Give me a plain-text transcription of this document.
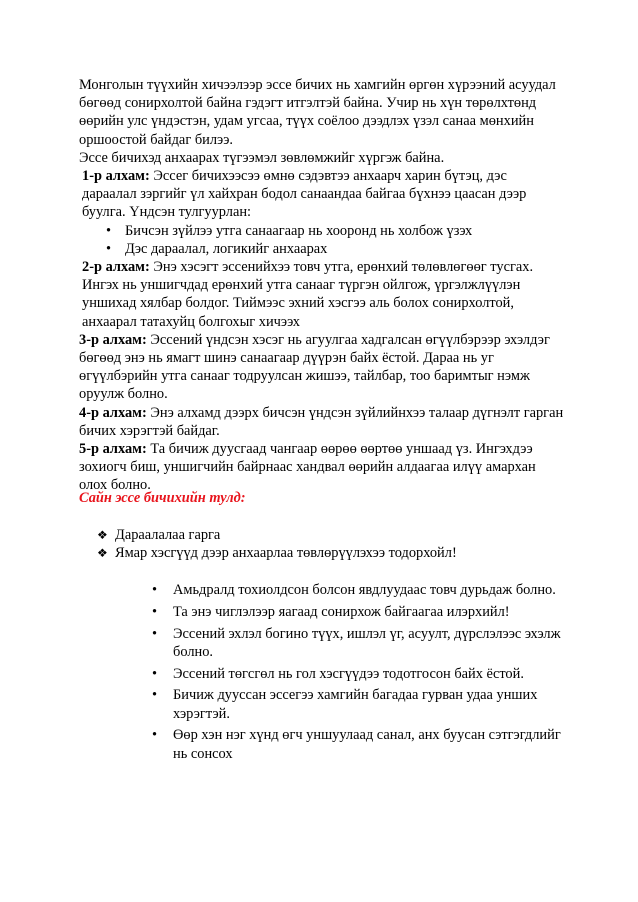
Монголын түүхийн хичээлээр эссе бичих нь хамгийн өргөн хүрээний асуудал бөгөөд сонирхолтой байна гэдэгт итгэлтэй байна. Учир нь хүн төрөлхтөнд өөрийн улс үндэстэн, удам угсаа, түүх соёлоо дээдлэх үзэл санаа мөнхийн оршоостой байдаг билээ.

Эссе бичихэд анхаарах түгээмэл зөвлөмжийг хүргэж байна.

1-р алхам: Эссег бичихээсээ өмнө сэдэвтээ анхаарч харин бүтэц, дэс дараалал зэргийг үл хайхран бодол санаандаа байгаа бүхнээ цаасан дээр буулга. Үндсэн тулгуурлан:

• Бичсэн зүйлээ утга санаагаар нь хооронд нь холбож үзэх
• Дэс дараалал, логикийг анхаарах

2-р алхам: Энэ хэсэгт эссенийхээ товч утга, ерөнхий төлөвлөгөөг тусгах. Ингэх нь уншигчдад ерөнхий утга санааг түргэн ойлгож, үргэлжлүүлэн уншихад хялбар болдог. Тиймээс эхний хэсгээ аль болох сонирхолтой, анхаарал татахуйц болгохыг хичээх

3-р алхам: Эссений үндсэн хэсэг нь агуулгаа хадгалсан өгүүлбэрээр эхэлдэг бөгөөд энэ нь ямагт шинэ санаагаар дүүрэн байх ёстой. Дараа нь уг өгүүлбэрийн утга санааг тодруулсан жишээ, тайлбар, тоо баримтыг нэмж оруулж болно.

4-р алхам: Энэ алхамд дээрх бичсэн үндсэн зүйлийнхээ талаар дүгнэлт гарган бичих хэрэгтэй байдаг.

5-р алхам: Та бичиж дуусгаад чангаар өөрөө өөртөө уншаад үз. Ингэхдээ зохиогч биш, уншигчийн байрнаас хандвал өөрийн алдаагаа илүү амархан олох болно.

Сайн эссе бичихийн тулд:
❖ Дараалалаа гарга
❖ Ямар хэсгүүд дээр анхаарлаа төвлөрүүлэхээ тодорхойл!
• Амьдралд тохиолдсон болсон явдлуудаас товч дурьдаж болно.
• Та энэ чиглэлээр яагаад сонирхож байгаагаа илэрхийл!
• Эссений эхлэл богино түүх, ишлэл үг, асуулт, дүрслэлээс эхэлж болно.
• Эссений төгсгөл нь гол хэсгүүдээ тодотгосон байх ёстой.
• Бичиж дууссан эссегээ хамгийн багадаа гурван удаа унших хэрэгтэй.
• Өөр хэн нэг хүнд өгч уншуулаад санал, анх буусан сэтгэгдлийг нь сонсох
